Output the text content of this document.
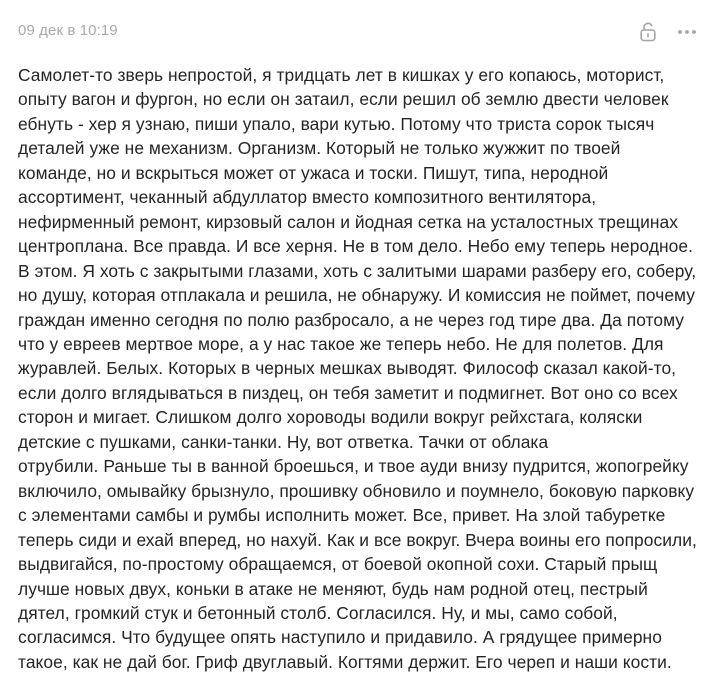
09 дек в 10:19
Самолет-то зверь непростой, я тридцать лет в кишках у его копаюсь, моторист,
опыту вагон и фургон, но если он затаил, если решил об землю двести человек
ебнуть - хер я узнаю, пиши упало, вари кутью. Потому что триста сорок тысяч
деталей уже не механизм. Организм. Который не только жужжит по твоей
команде, но и вскрыться может от ужаса и тоски. Пишут, типа, неродной
ассортимент, чеканный абдуллатор вместо композитного вентилятора,
нефирменный ремонт, кирзовый салон и йодная сетка на усталостных трещинах
центроплана. Все правда. И все херня. Не в том дело. Небо ему теперь неродное.
В этом. Я хоть с закрытыми глазами, хоть с залитыми шарами разберу его, соберу,
но душу, которая отплакала и решила, не обнаружу. И комиссия не поймет, почему
граждан именно сегодня по полю разбросало, а не через год тире два. Да потому
что у евреев мертвое море, а у нас такое же теперь небо. Не для полетов. Для
журавлей. Белых. Которых в черных мешках выводят. Философ сказал какой-то,
если долго вглядываться в пиздец, он тебя заметит и подмигнет. Вот оно со всех
сторон и мигает. Слишком долго хороводы водили вокруг рейхстага, коляски
детские с пушками, санки-танки. Ну, вот ответка. Тачки от облака
отрубили. Раньше ты в ванной броешься, и твое ауди внизу пудрится, жопогрейку
включило, омывайку брызнуло, прошивку обновило и поумнело, боковую парковку
с элементами самбы и румбы исполнить может. Все, привет. На злой табуретке
теперь сиди и ехай вперед, но нахуй. Как и все вокруг. Вчера воины его попросили,
выдвигайся, по-простому обращаемся, от боевой окопной сохи. Старый прыщ
лучше новых двух, коньки в атаке не меняют, будь нам родной отец, пестрый
дятел, громкий стук и бетонный столб. Согласился. Ну, и мы, само собой,
согласимся. Что будущее опять наступило и придавило. А грядущее примерно
такое, как не дай бог. Гриф двуглавый. Когтями держит. Его череп и наши кости.
